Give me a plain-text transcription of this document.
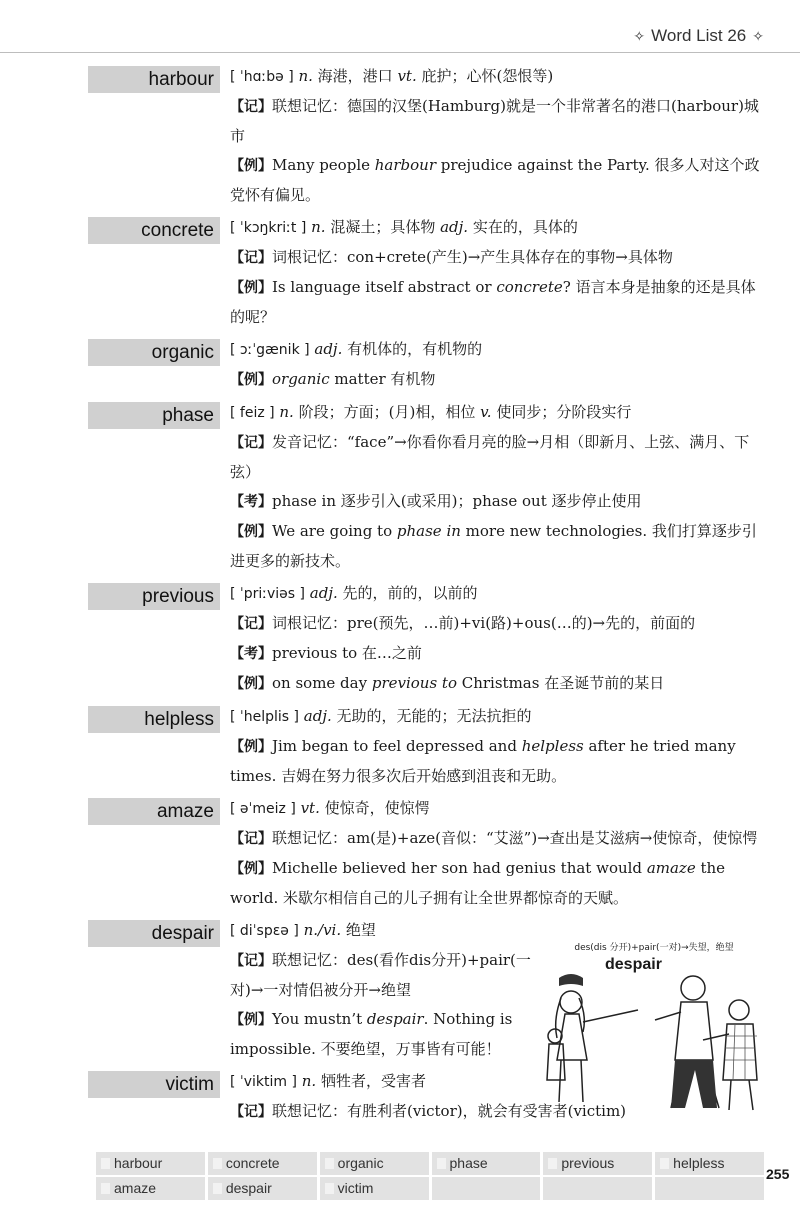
✧ Word List 26 ✧
harbour	[ ˈhɑːbə ] n. 海港，港口 vt. 庇护；心怀(怨恨等)
【记】联想记忆：德国的汉堡(Hamburg)就是一个非常著名的港口(harbour)城市
【例】Many people harbour prejudice against the Party. 很多人对这个政党怀有偏见。
concrete	[ ˈkɔŋkriːt ] n. 混凝土；具体物 adj. 实在的，具体的
【记】词根记忆：con+crete(产生)→产生具体存在的事物→具体物
【例】Is language itself abstract or concrete? 语言本身是抽象的还是具体的呢？
organic	[ ɔːˈgænik ] adj. 有机体的，有机物的
【例】organic matter 有机物
phase	[ feiz ] n. 阶段；方面；(月)相，相位 v. 使同步；分阶段实行
【记】发音记忆：“face”→你看你看月亮的脸→月相（即新月、上弦、满月、下弦）
【考】phase in 逐步引入(或采用)；phase out 逐步停止使用
【例】We are going to phase in more new technologies. 我们打算逐步引进更多的新技术。
previous	[ ˈpriːviəs ] adj. 先的，前的，以前的
【记】词根记忆：pre(预先，…前)+vi(路)+ous(…的)→先的，前面的
【考】previous to 在…之前
【例】on some day previous to Christmas 在圣诞节前的某日
helpless	[ ˈhelplis ] adj. 无助的，无能的；无法抗拒的
【例】Jim began to feel depressed and helpless after he tried many times. 吉姆在努力很多次后开始感到沮丧和无助。
amaze	[ əˈmeiz ] vt. 使惊奇，使惊愕
【记】联想记忆：am(是)+aze(音似：“艾滋”)→查出是艾滋病→使惊奇，使惊愕
【例】Michelle believed her son had genius that would amaze the world. 米歇尔相信自己的儿子拥有让全世界都惊奇的天赋。
despair	[ diˈspɛə ] n./vi. 绝望
【记】联想记忆：des(看作dis分开)+pair(一对)→一对情侣被分开→绝望
【例】You mustn’t despair. Nothing is impossible. 不要绝望，万事皆有可能！
victim	[ ˈviktim ] n. 牺牲者，受害者
【记】联想记忆：有胜利者(victor)，就会有受害者(victim)
des(dis 分开)+pair(一对)→失望，绝望
despair
harbour	concrete	organic	phase	previous	helpless
amaze	despair	victim
255
